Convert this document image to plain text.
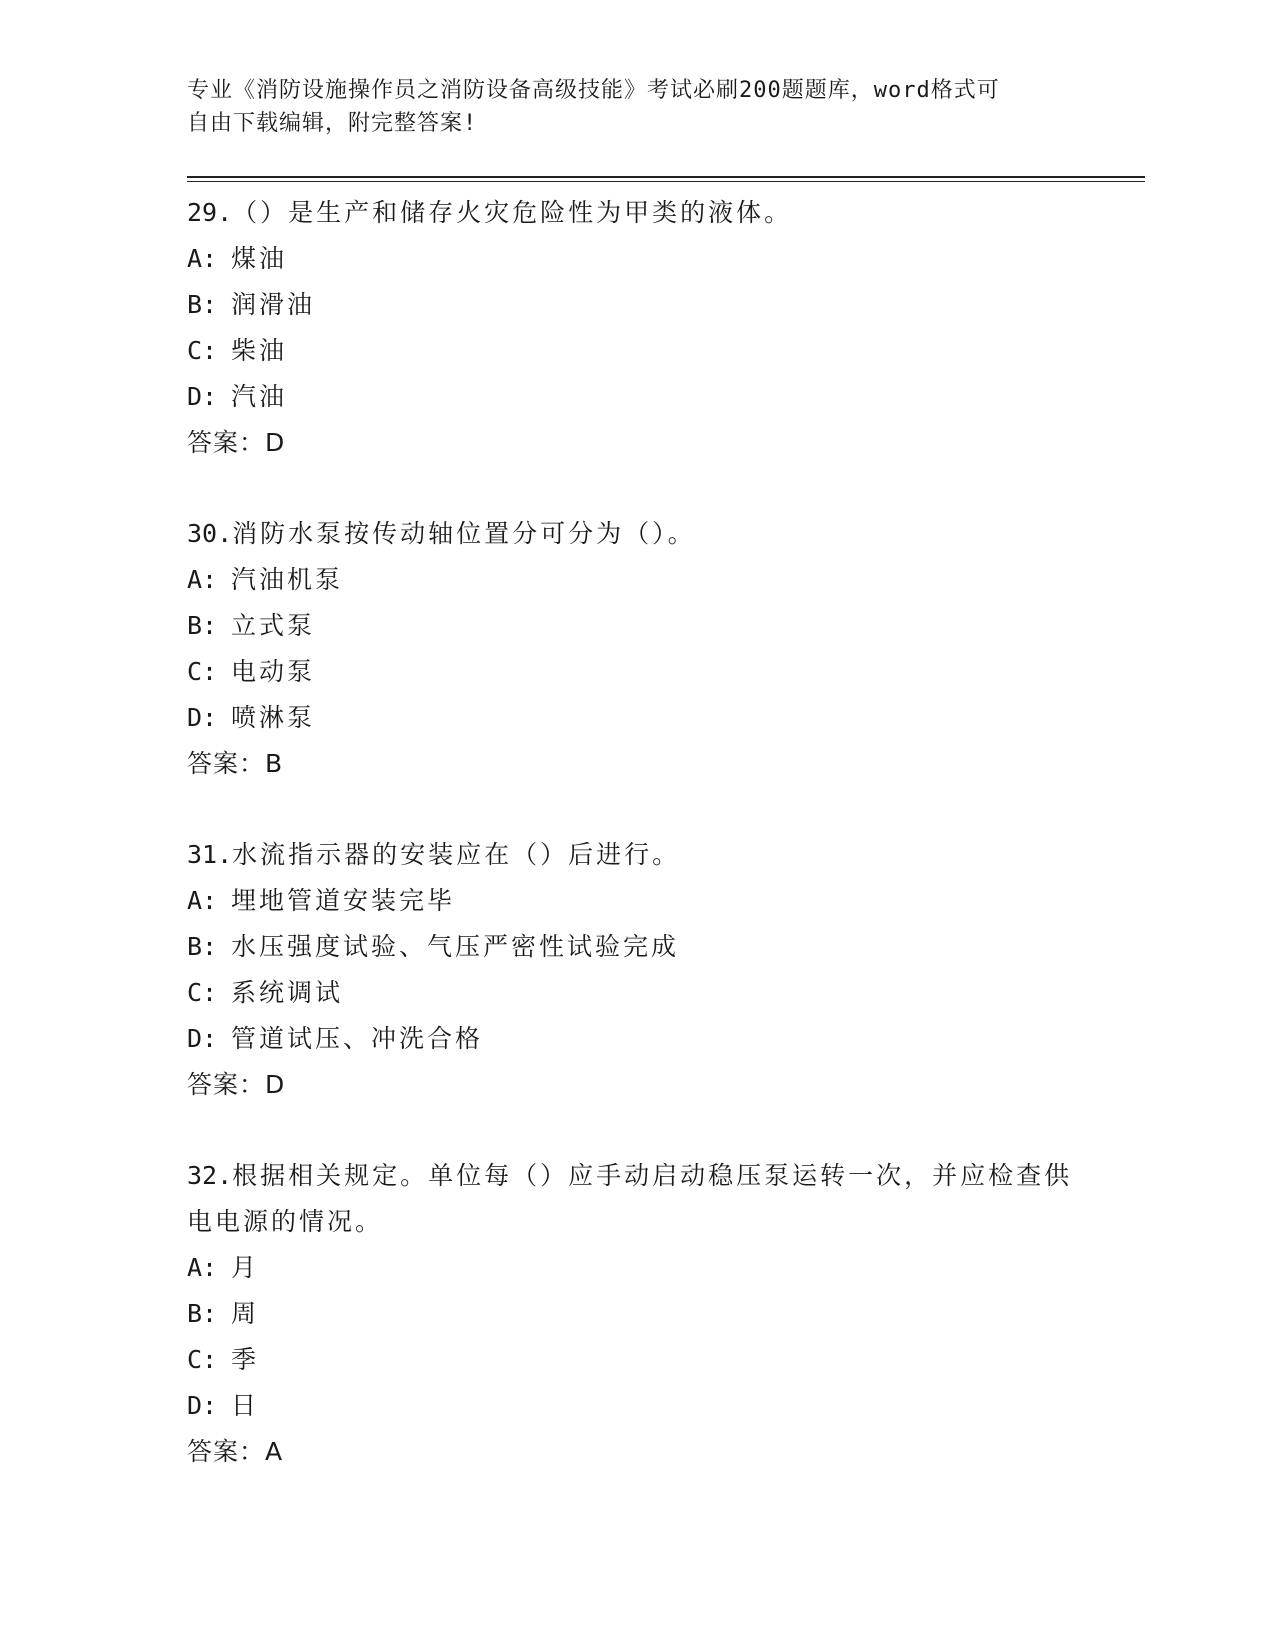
专业《消防设施操作员之消防设备高级技能》考试必刷200题题库，word格式可
自由下载编辑，附完整答案!
29.（）是生产和储存火灾危险性为甲类的液体。
A: 煤油
B: 润滑油
C: 柴油
D: 汽油
答案：D
30.消防水泵按传动轴位置分可分为（）。
A: 汽油机泵
B: 立式泵
C: 电动泵
D: 喷淋泵
答案：B
31.水流指示器的安装应在（）后进行。
A: 埋地管道安装完毕
B: 水压强度试验、气压严密性试验完成
C: 系统调试
D: 管道试压、冲洗合格
答案：D
32.根据相关规定。单位每（）应手动启动稳压泵运转一次，并应检查供电电源的情况。
A: 月
B: 周
C: 季
D: 日
答案：A
